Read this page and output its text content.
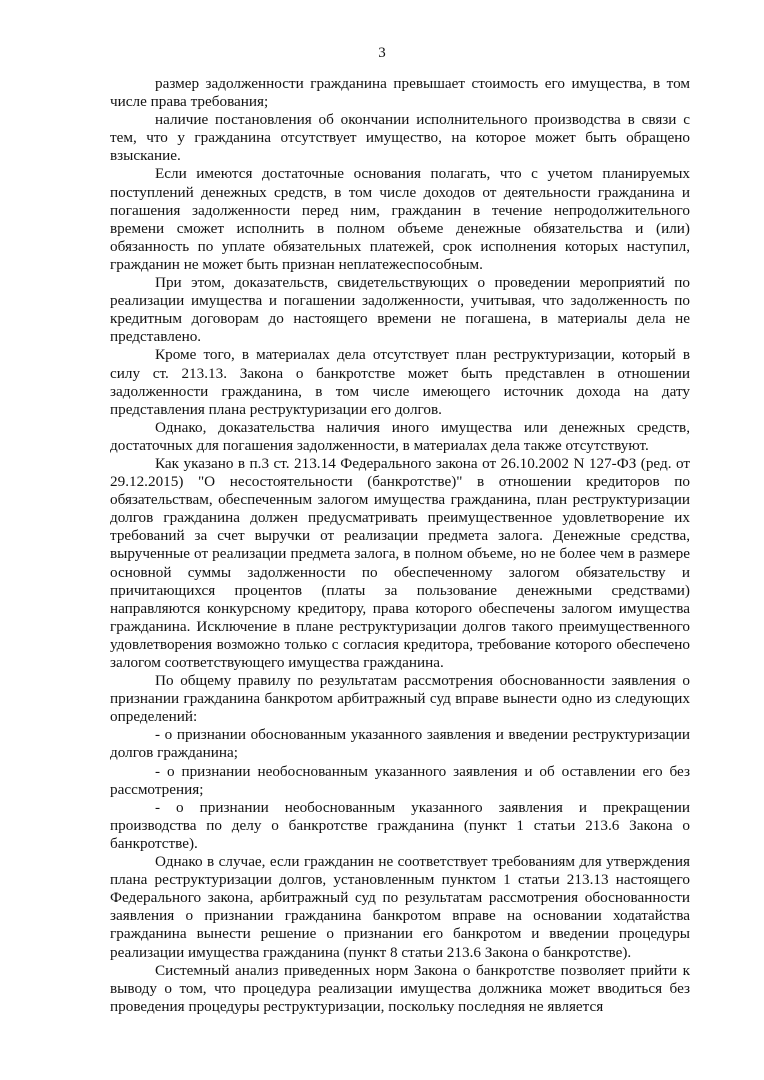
3

размер задолженности гражданина превышает стоимость его имущества, в том числе права требования;

наличие постановления об окончании исполнительного производства в связи с тем, что у гражданина отсутствует имущество, на которое может быть обращено взыскание.

Если имеются достаточные основания полагать, что с учетом планируемых поступлений денежных средств, в том числе доходов от деятельности гражданина и погашения задолженности перед ним, гражданин в течение непродолжительного времени сможет исполнить в полном объеме денежные обязательства и (или) обязанность по уплате обязательных платежей, срок исполнения которых наступил, гражданин не может быть признан неплатежеспособным.

При этом, доказательств, свидетельствующих о проведении мероприятий по реализации имущества и погашении задолженности, учитывая, что задолженность по кредитным договорам до настоящего времени не погашена, в материалы дела не представлено.

Кроме того, в материалах дела отсутствует план реструктуризации, который в силу ст. 213.13. Закона о банкротстве может быть представлен в отношении задолженности гражданина, в том числе имеющего источник дохода на дату представления плана реструктуризации его долгов.

Однако, доказательства наличия иного имущества или денежных средств, достаточных для погашения задолженности, в материалах дела также отсутствуют.

Как указано в п.3 ст. 213.14 Федерального закона от 26.10.2002 N 127-ФЗ (ред. от 29.12.2015) "О несостоятельности (банкротстве)" в отношении кредиторов по обязательствам, обеспеченным залогом имущества гражданина, план реструктуризации долгов гражданина должен предусматривать преимущественное удовлетворение их требований за счет выручки от реализации предмета залога. Денежные средства, вырученные от реализации предмета залога, в полном объеме, но не более чем в размере основной суммы задолженности по обеспеченному залогом обязательству и причитающихся процентов (платы за пользование денежными средствами) направляются конкурсному кредитору, права которого обеспечены залогом имущества гражданина. Исключение в плане реструктуризации долгов такого преимущественного удовлетворения возможно только с согласия кредитора, требование которого обеспечено залогом соответствующего имущества гражданина.

По общему правилу по результатам рассмотрения обоснованности заявления о признании гражданина банкротом арбитражный суд вправе вынести одно из следующих определений:

- о признании обоснованным указанного заявления и введении реструктуризации долгов гражданина;

- о признании необоснованным указанного заявления и об оставлении его без рассмотрения;

- о признании необоснованным указанного заявления и прекращении производства по делу о банкротстве гражданина (пункт 1 статьи 213.6 Закона о банкротстве).

Однако в случае, если гражданин не соответствует требованиям для утверждения плана реструктуризации долгов, установленным пунктом 1 статьи 213.13 настоящего Федерального закона, арбитражный суд по результатам рассмотрения обоснованности заявления о признании гражданина банкротом вправе на основании ходатайства гражданина вынести решение о признании его банкротом и введении процедуры реализации имущества гражданина (пункт 8 статьи 213.6 Закона о банкротстве).

Системный анализ приведенных норм Закона о банкротстве позволяет прийти к выводу о том, что процедура реализации имущества должника может вводиться без проведения процедуры реструктуризации, поскольку последняя не является
